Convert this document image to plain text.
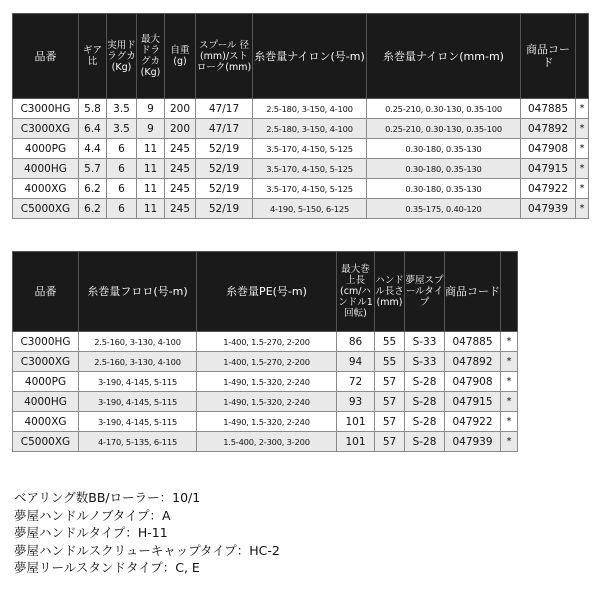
品番	ギア比	実用ドラグカ(Kg)	最大ドラグカ(Kg)	自重(g)	スプール 径(mm)/ストローク(mm)	糸巻量ナイロン(号-m)	糸巻量ナイロン(mm-m)	商品コード	
C3000HG	5.8	3.5	9	200	47/17	2.5-180, 3-150, 4-100	0.25-210, 0.30-130, 0.35-100	047885	*
C3000XG	6.4	3.5	9	200	47/17	2.5-180, 3-150, 4-100	0.25-210, 0.30-130, 0.35-100	047892	*
4000PG	4.4	6	11	245	52/19	3.5-170, 4-150, 5-125	0.30-180, 0.35-130	047908	*
4000HG	5.7	6	11	245	52/19	3.5-170, 4-150, 5-125	0.30-180, 0.35-130	047915	*
4000XG	6.2	6	11	245	52/19	3.5-170, 4-150, 5-125	0.30-180, 0.35-130	047922	*
C5000XG	6.2	6	11	245	52/19	4-190, 5-150, 6-125	0.35-175, 0.40-120	047939	*
品番	糸巻量フロロ(号-m)	糸巻量PE(号-m)	最大巻上長(cm/ハンドル1回転)	ハンドル長さ(mm)	夢屋スプールタイプ	商品コード	
C3000HG	2.5-160, 3-130, 4-100	1-400, 1.5-270, 2-200	86	55	S-33	047885	*
C3000XG	2.5-160, 3-130, 4-100	1-400, 1.5-270, 2-200	94	55	S-33	047892	*
4000PG	3-190, 4-145, 5-115	1-490, 1.5-320, 2-240	72	57	S-28	047908	*
4000HG	3-190, 4-145, 5-115	1-490, 1.5-320, 2-240	93	57	S-28	047915	*
4000XG	3-190, 4-145, 5-115	1-490, 1.5-320, 2-240	101	57	S-28	047922	*
C5000XG	4-170, 5-135, 6-115	1.5-400, 2-300, 3-200	101	57	S-28	047939	*
ベアリング数BB/ローラー：10/1
夢屋ハンドルノブタイプ：A
夢屋ハンドルタイプ：H-11
夢屋ハンドルスクリューキャップタイプ：HC-2
夢屋リールスタンドタイプ：C, E
